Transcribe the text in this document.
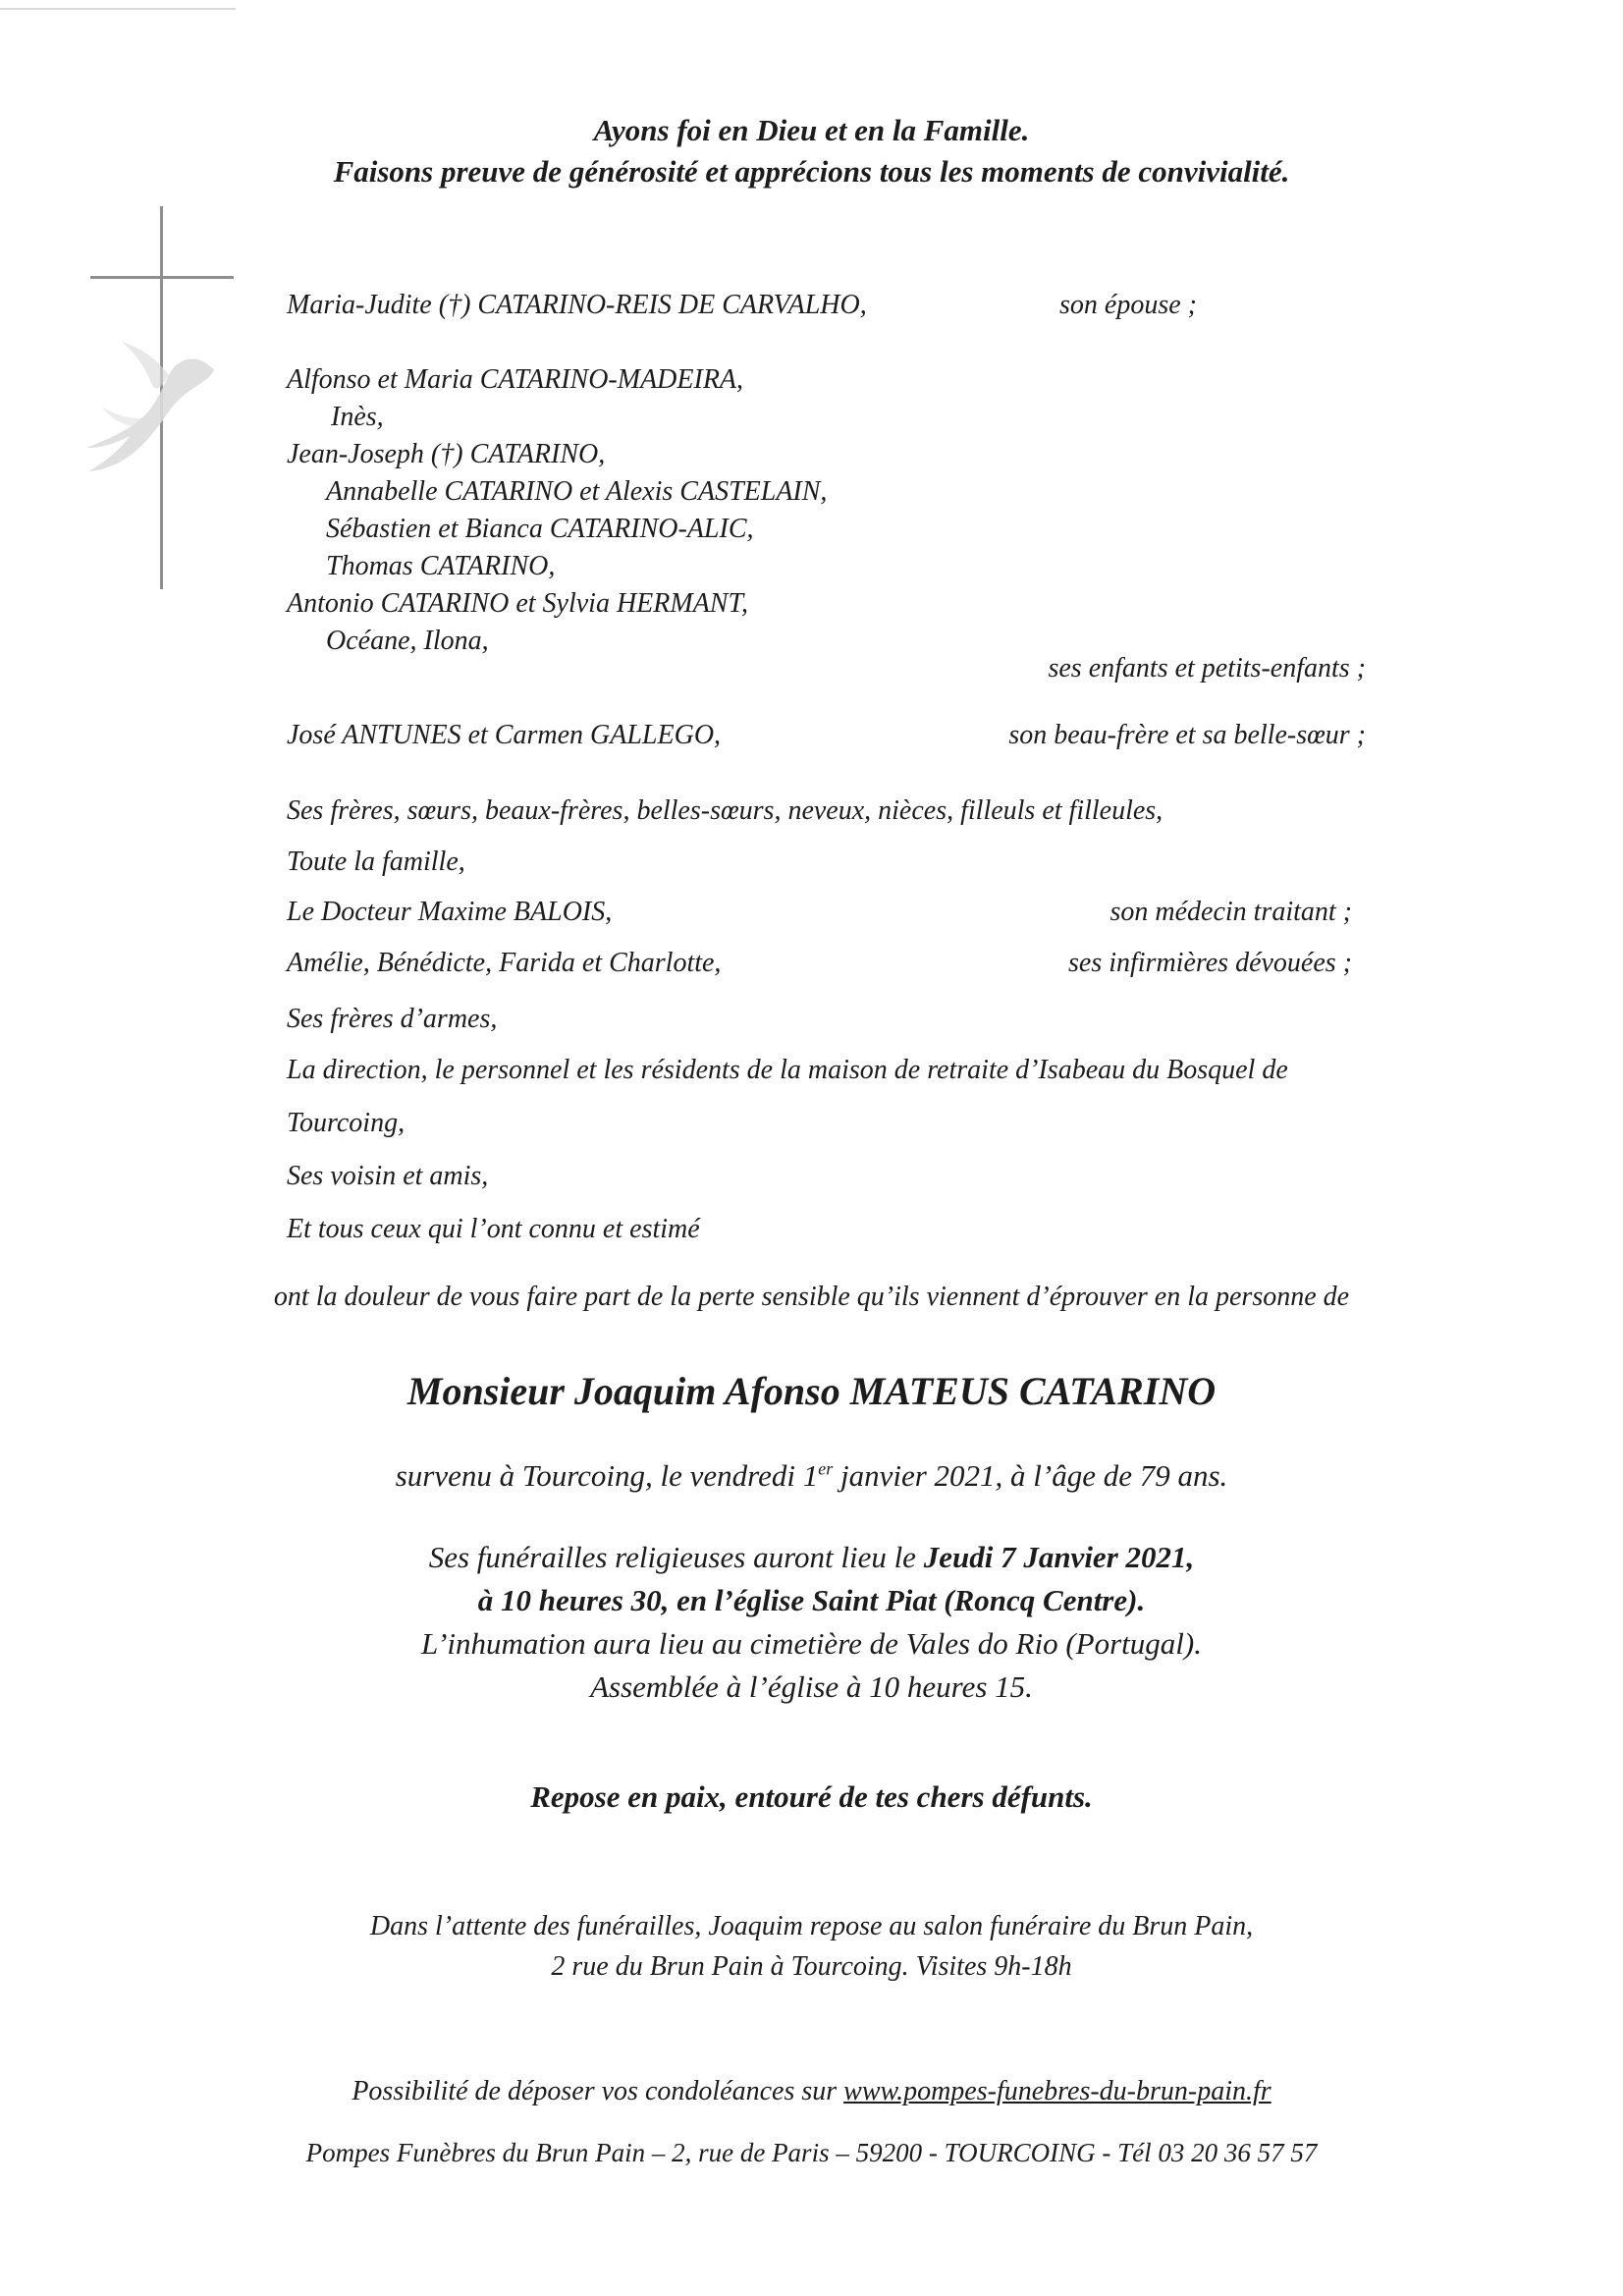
Ayons foi en Dieu et en la Famille.
Faisons preuve de générosité et apprécions tous les moments de convivialité.
Maria-Judite (†) CATARINO-REIS DE CARVALHO,	son épouse ;
Alfonso et Maria CATARINO-MADEIRA,
Inès,
Jean-Joseph (†) CATARINO,
Annabelle CATARINO et Alexis CASTELAIN,
Sébastien et Bianca CATARINO-ALIC,
Thomas CATARINO,
Antonio CATARINO et Sylvia HERMANT,
Océane, Ilona,
ses enfants et petits-enfants ;
José ANTUNES et Carmen GALLEGO,	son beau-frère et sa belle-sœur ;
Ses frères, sœurs, beaux-frères, belles-sœurs, neveux, nièces, filleuls et filleules,
Toute la famille,
Le Docteur Maxime BALOIS,	son médecin traitant ;
Amélie, Bénédicte, Farida et Charlotte,	ses infirmières dévouées ;
Ses frères d’armes,
La direction, le personnel et les résidents de la maison de retraite d’Isabeau du Bosquel de
Tourcoing,
Ses voisin et amis,
Et tous ceux qui l’ont connu et estimé
ont la douleur de vous faire part de la perte sensible qu’ils viennent d’éprouver en la personne de
Monsieur Joaquim Afonso MATEUS CATARINO
survenu à Tourcoing, le vendredi 1er janvier 2021, à l’âge de 79 ans.
Ses funérailles religieuses auront lieu le Jeudi 7 Janvier 2021,
à 10 heures 30, en l’église Saint Piat (Roncq Centre).
L’inhumation aura lieu au cimetière de Vales do Rio (Portugal).
Assemblée à l’église à 10 heures 15.
Repose en paix, entouré de tes chers défunts.
Dans l’attente des funérailles, Joaquim repose au salon funéraire du Brun Pain,
2 rue du Brun Pain à Tourcoing. Visites 9h-18h
Possibilité de déposer vos condoléances sur www.pompes-funebres-du-brun-pain.fr
Pompes Funèbres du Brun Pain – 2, rue de Paris – 59200 - TOURCOING - Tél 03 20 36 57 57
